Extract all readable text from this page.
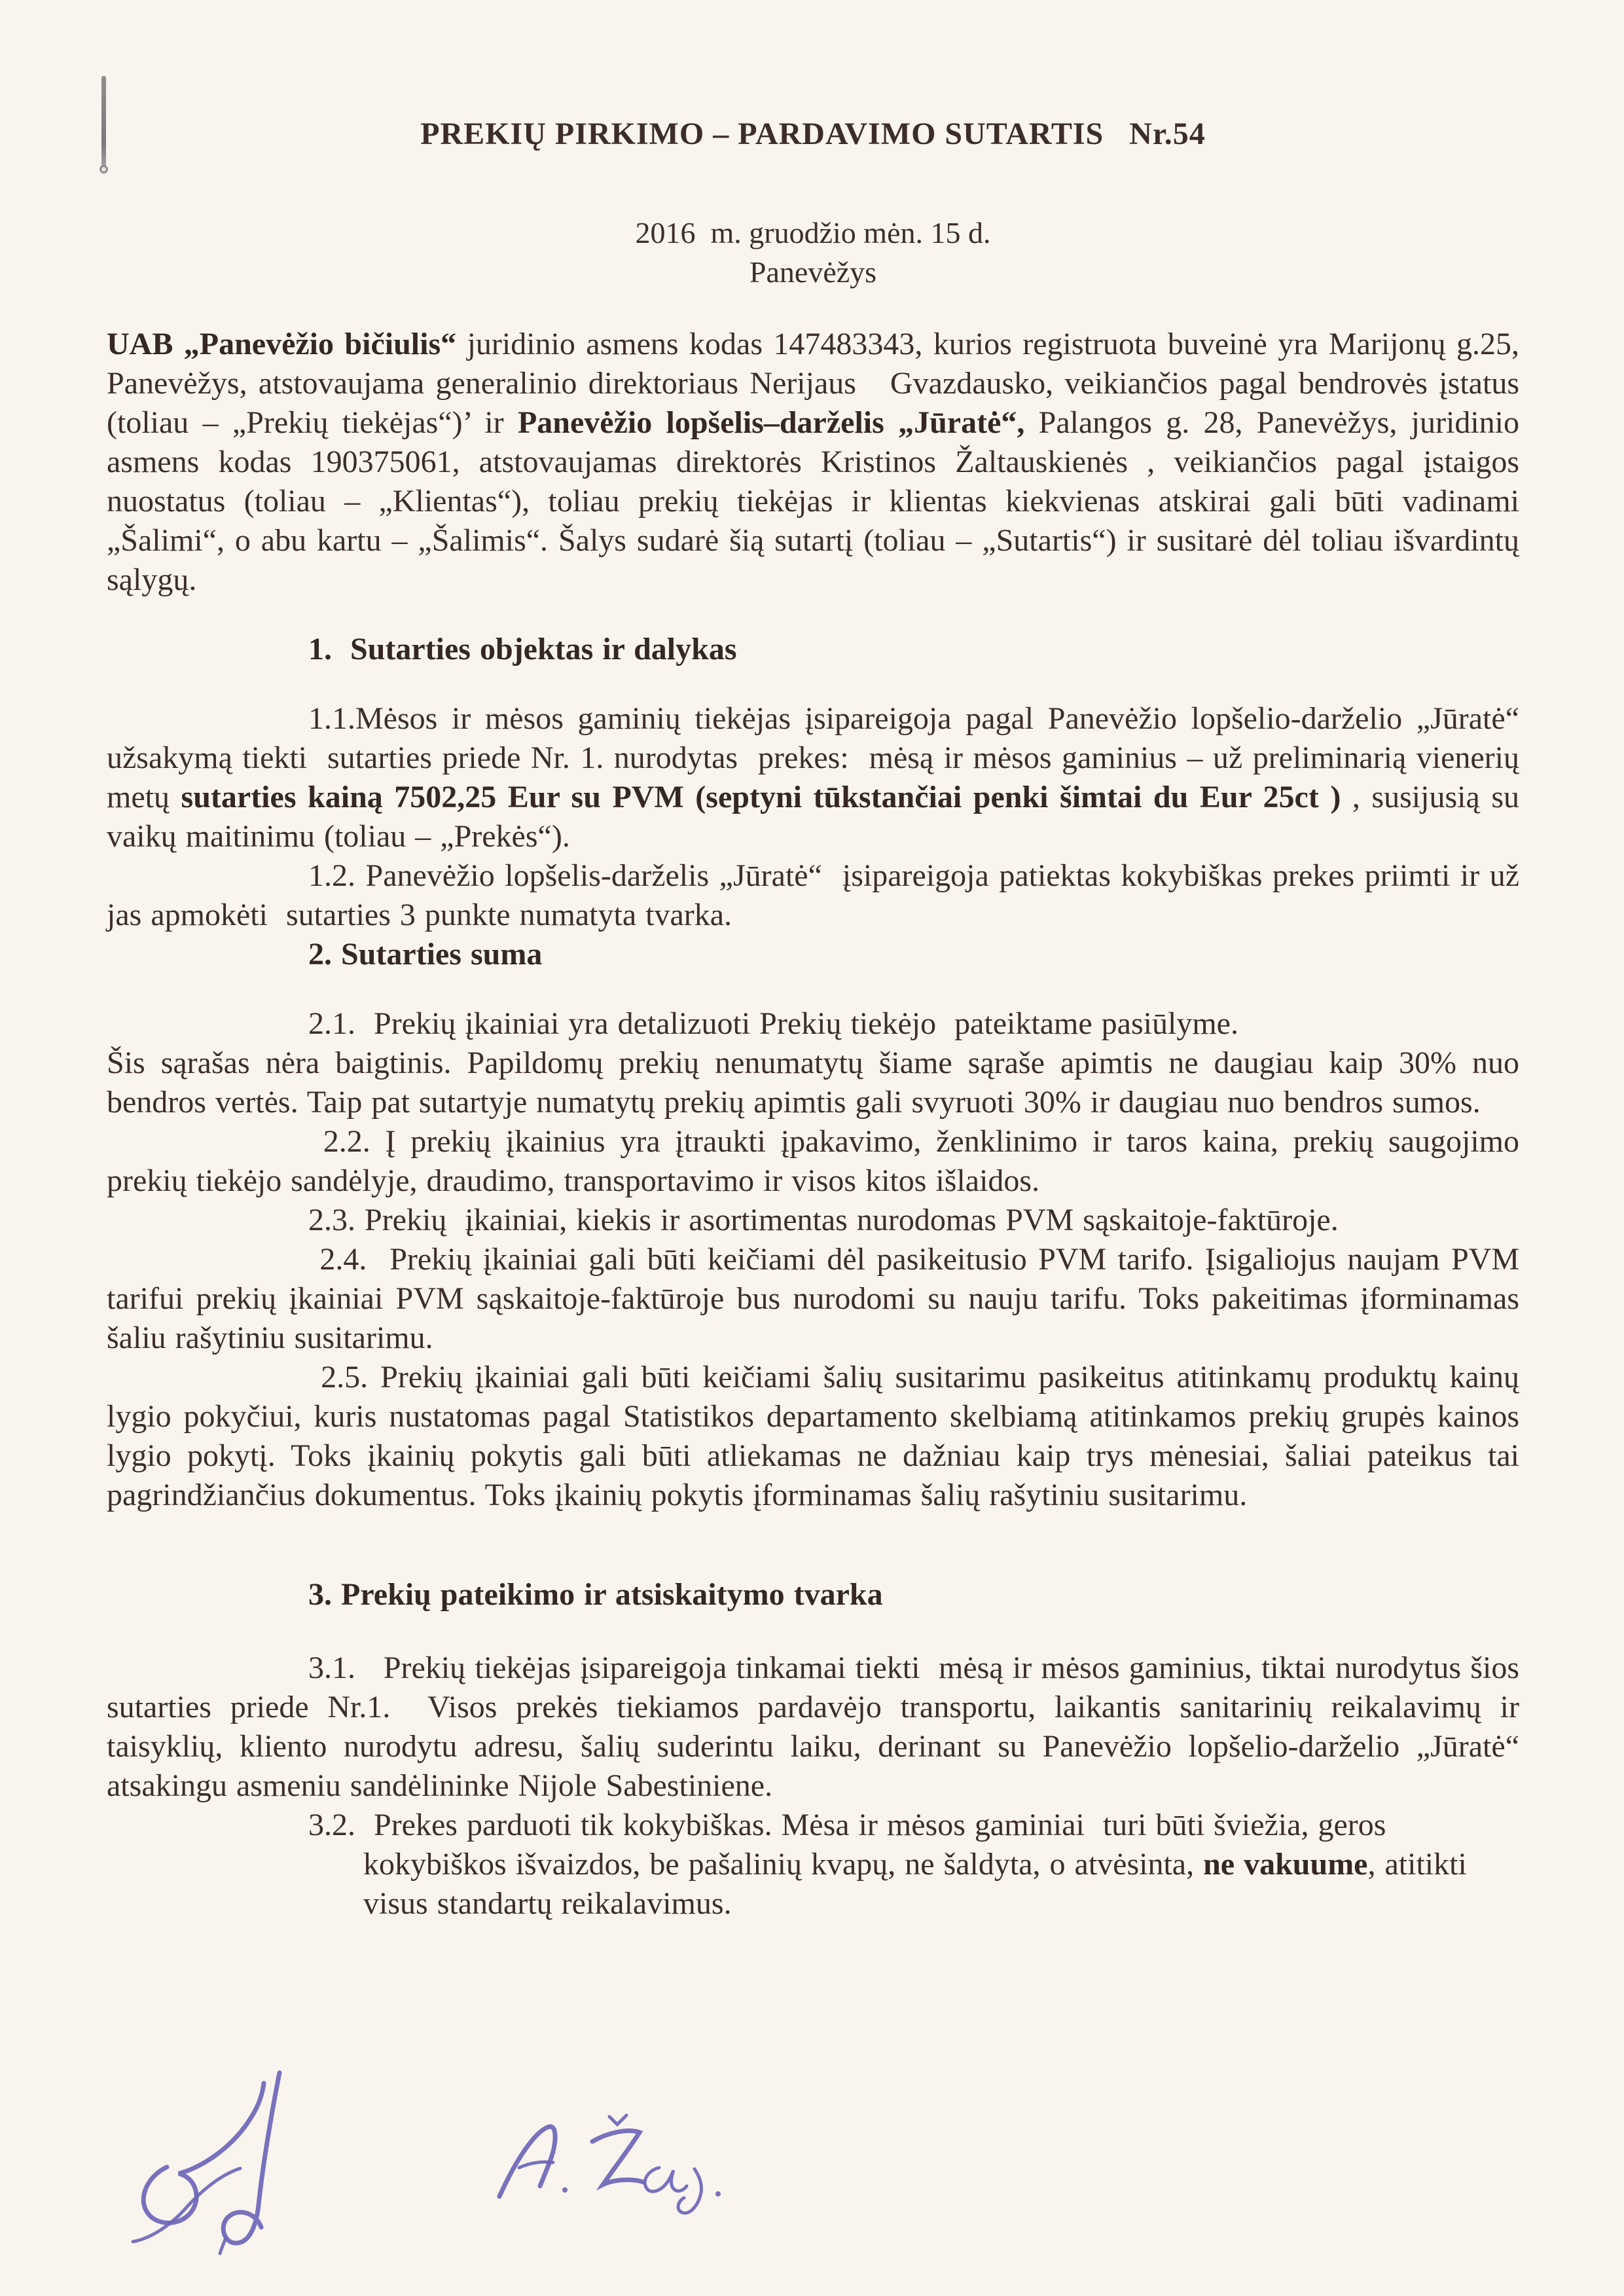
PREKIŲ PIRKIMO – PARDAVIMO SUTARTIS   Nr.54

2016  m. gruodžio mėn. 15 d.

Panevėžys

UAB „Panevėžio bičiulis“ juridinio asmens kodas 147483343, kurios registruota buveinė yra Marijonų g.25, Panevėžys, atstovaujama generalinio direktoriaus Nerijaus   Gvazdausko, veikiančios pagal bendrovės įstatus (toliau – „Prekių tiekėjas“)’ ir Panevėžio lopšelis–darželis „Jūratė“, Palangos g. 28, Panevėžys, juridinio asmens kodas 190375061, atstovaujamas direktorės Kristinos Žaltauskienės , veikiančios pagal įstaigos nuostatus (toliau – „Klientas“), toliau prekių tiekėjas ir klientas kiekvienas atskirai gali būti vadinami „Šalimi“, o abu kartu – „Šalimis“. Šalys sudarė šią sutartį (toliau – „Sutartis“) ir susitarė dėl toliau išvardintų sąlygų.

1.  Sutarties objektas ir dalykas

1.1.Mėsos ir mėsos gaminių tiekėjas įsipareigoja pagal Panevėžio lopšelio-darželio „Jūratė“ užsakymą tiekti  sutarties priede Nr. 1. nurodytas  prekes:  mėsą ir mėsos gaminius – už preliminarią vienerių metų sutarties kainą 7502,25 Eur su PVM (septyni tūkstančiai penki šimtai du Eur 25ct ) , susijusią su vaikų maitinimu (toliau – „Prekės“).

1.2. Panevėžio lopšelis-darželis „Jūratė“  įsipareigoja patiektas kokybiškas prekes priimti ir už jas apmokėti  sutarties 3 punkte numatyta tvarka.

2. Sutarties suma

2.1.  Prekių įkainiai yra detalizuoti Prekių tiekėjo  pateiktame pasiūlyme.

Šis sąrašas nėra baigtinis. Papildomų prekių nenumatytų šiame sąraše apimtis ne daugiau kaip 30% nuo bendros vertės. Taip pat sutartyje numatytų prekių apimtis gali svyruoti 30% ir daugiau nuo bendros sumos.

2.2. Į prekių įkainius yra įtraukti įpakavimo, ženklinimo ir taros kaina, prekių saugojimo prekių tiekėjo sandėlyje, draudimo, transportavimo ir visos kitos išlaidos.

2.3. Prekių  įkainiai, kiekis ir asortimentas nurodomas PVM sąskaitoje-faktūroje.

2.4.  Prekių įkainiai gali būti keičiami dėl pasikeitusio PVM tarifo. Įsigaliojus naujam PVM tarifui prekių įkainiai PVM sąskaitoje-faktūroje bus nurodomi su nauju tarifu. Toks pakeitimas įforminamas šaliu rašytiniu susitarimu.

2.5. Prekių įkainiai gali būti keičiami šalių susitarimu pasikeitus atitinkamų produktų kainų lygio pokyčiui, kuris nustatomas pagal Statistikos departamento skelbiamą atitinkamos prekių grupės kainos lygio pokytį. Toks įkainių pokytis gali būti atliekamas ne dažniau kaip trys mėnesiai, šaliai pateikus tai pagrindžiančius dokumentus. Toks įkainių pokytis įforminamas šalių rašytiniu susitarimu.

3. Prekių pateikimo ir atsiskaitymo tvarka

3.1.   Prekių tiekėjas įsipareigoja tinkamai tiekti  mėsą ir mėsos gaminius, tiktai nurodytus šios sutarties priede Nr.1.  Visos prekės tiekiamos pardavėjo transportu, laikantis sanitarinių reikalavimų ir taisyklių, kliento nurodytu adresu, šalių suderintu laiku, derinant su Panevėžio lopšelio-darželio „Jūratė“   atsakingu asmeniu sandėlininke Nijole Sabestiniene.

3.2.  Prekes parduoti tik kokybiškas. Mėsa ir mėsos gaminiai  turi būti šviežia, geros kokybiškos išvaizdos, be pašalinių kvapų, ne šaldyta, o atvėsinta, ne vakuume, atitikti visus standartų reikalavimus.
